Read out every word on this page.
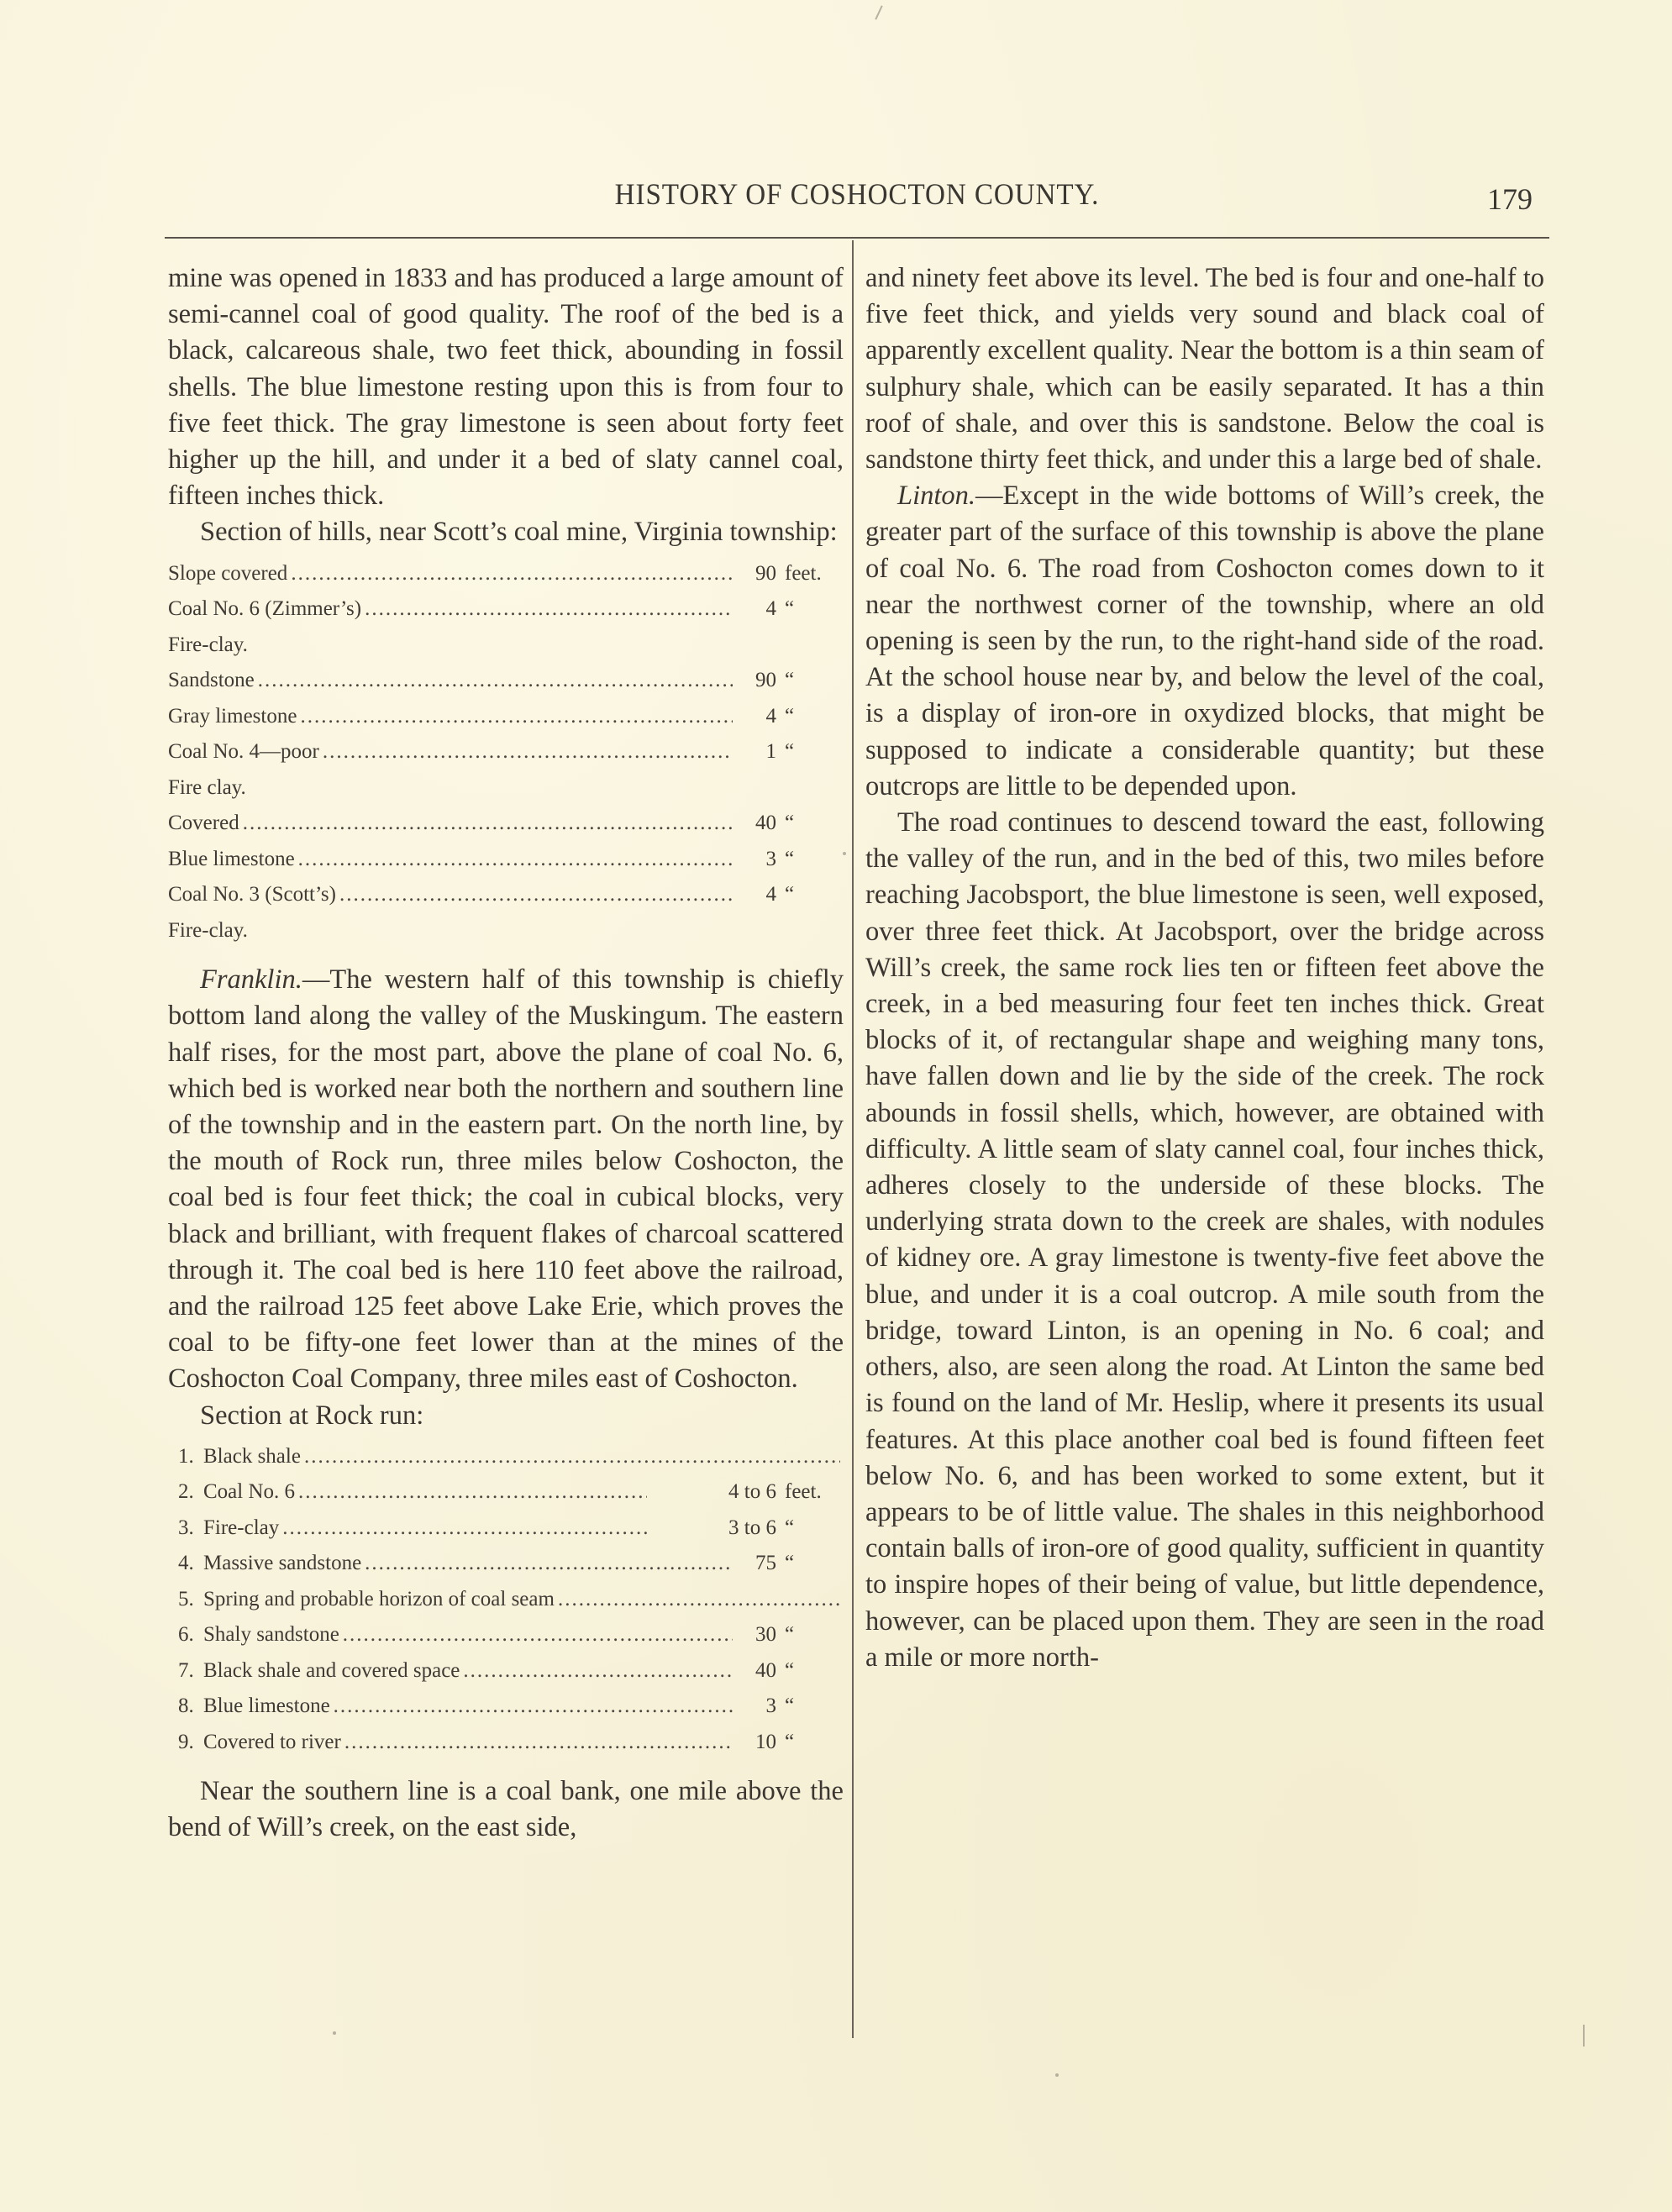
HISTORY OF COSHOCTON COUNTY.	179

mine was opened in 1833 and has produced a large amount of semi-cannel coal of good quality. The roof of the bed is a black, calcareous shale, two feet thick, abounding in fossil shells. The blue limestone resting upon this is from four to five feet thick. The gray limestone is seen about forty feet higher up the hill, and under it a bed of slaty cannel coal, fifteen inches thick.

Section of hills, near Scott’s coal mine, Virginia township:

Slope covered .....	90 feet.
Coal No. 6 (Zimmer’s) .....	4 “
Fire-clay.
Sandstone .....	90 “
Gray limestone .....	4 “
Coal No. 4—poor .....	1 “
Fire clay.
Covered .....	40 “
Blue limestone .....	3 “
Coal No. 3 (Scott’s) .....	4 “
Fire-clay.

Franklin.—The western half of this township is chiefly bottom land along the valley of the Muskingum. The eastern half rises, for the most part, above the plane of coal No. 6, which bed is worked near both the northern and southern line of the township and in the eastern part. On the north line, by the mouth of Rock run, three miles below Coshocton, the coal bed is four feet thick; the coal in cubical blocks, very black and brilliant, with frequent flakes of charcoal scattered through it. The coal bed is here 110 feet above the railroad, and the railroad 125 feet above Lake Erie, which proves the coal to be fifty-one feet lower than at the mines of the Coshocton Coal Company, three miles east of Coshocton.

Section at Rock run:

1. Black shale
.....
2. Coal No. 6 .....	4 to 6 feet.
3. Fire-clay .....	3 to 6 “
4. Massive sandstone .....	75 “
5. Spring and probable horizon of coal seam
.....
6. Shaly sandstone .....	30 “
7. Black shale and covered space .....	40 “
8. Blue limestone .....	3 “
9. Covered to river .....	10 “

Near the southern line is a coal bank, one mile above the bend of Will’s creek, on the east side,

and ninety feet above its level. The bed is four and one-half to five feet thick, and yields very sound and black coal of apparently excellent quality. Near the bottom is a thin seam of sulphury shale, which can be easily separated. It has a thin roof of shale, and over this is sandstone. Below the coal is sandstone thirty feet thick, and under this a large bed of shale.

Linton.—Except in the wide bottoms of Will’s creek, the greater part of the surface of this township is above the plane of coal No. 6. The road from Coshocton comes down to it near the northwest corner of the township, where an old opening is seen by the run, to the right-hand side of the road. At the school house near by, and below the level of the coal, is a display of iron-ore in oxydized blocks, that might be supposed to indicate a considerable quantity; but these outcrops are little to be depended upon.

The road continues to descend toward the east, following the valley of the run, and in the bed of this, two miles before reaching Jacobsport, the blue limestone is seen, well exposed, over three feet thick. At Jacobsport, over the bridge across Will’s creek, the same rock lies ten or fifteen feet above the creek, in a bed measuring four feet ten inches thick. Great blocks of it, of rectangular shape and weighing many tons, have fallen down and lie by the side of the creek. The rock abounds in fossil shells, which, however, are obtained with difficulty. A little seam of slaty cannel coal, four inches thick, adheres closely to the underside of these blocks. The underlying strata down to the creek are shales, with nodules of kidney ore. A gray limestone is twenty-five feet above the blue, and under it is a coal outcrop. A mile south from the bridge, toward Linton, is an opening in No. 6 coal; and others, also, are seen along the road. At Linton the same bed is found on the land of Mr. Heslip, where it presents its usual features. At this place another coal bed is found fifteen feet below No. 6, and has been worked to some extent, but it appears to be of little value. The shales in this neighborhood contain balls of iron-ore of good quality, sufficient in quantity to inspire hopes of their being of value, but little dependence, however, can be placed upon them. They are seen in the road a mile or more north-
